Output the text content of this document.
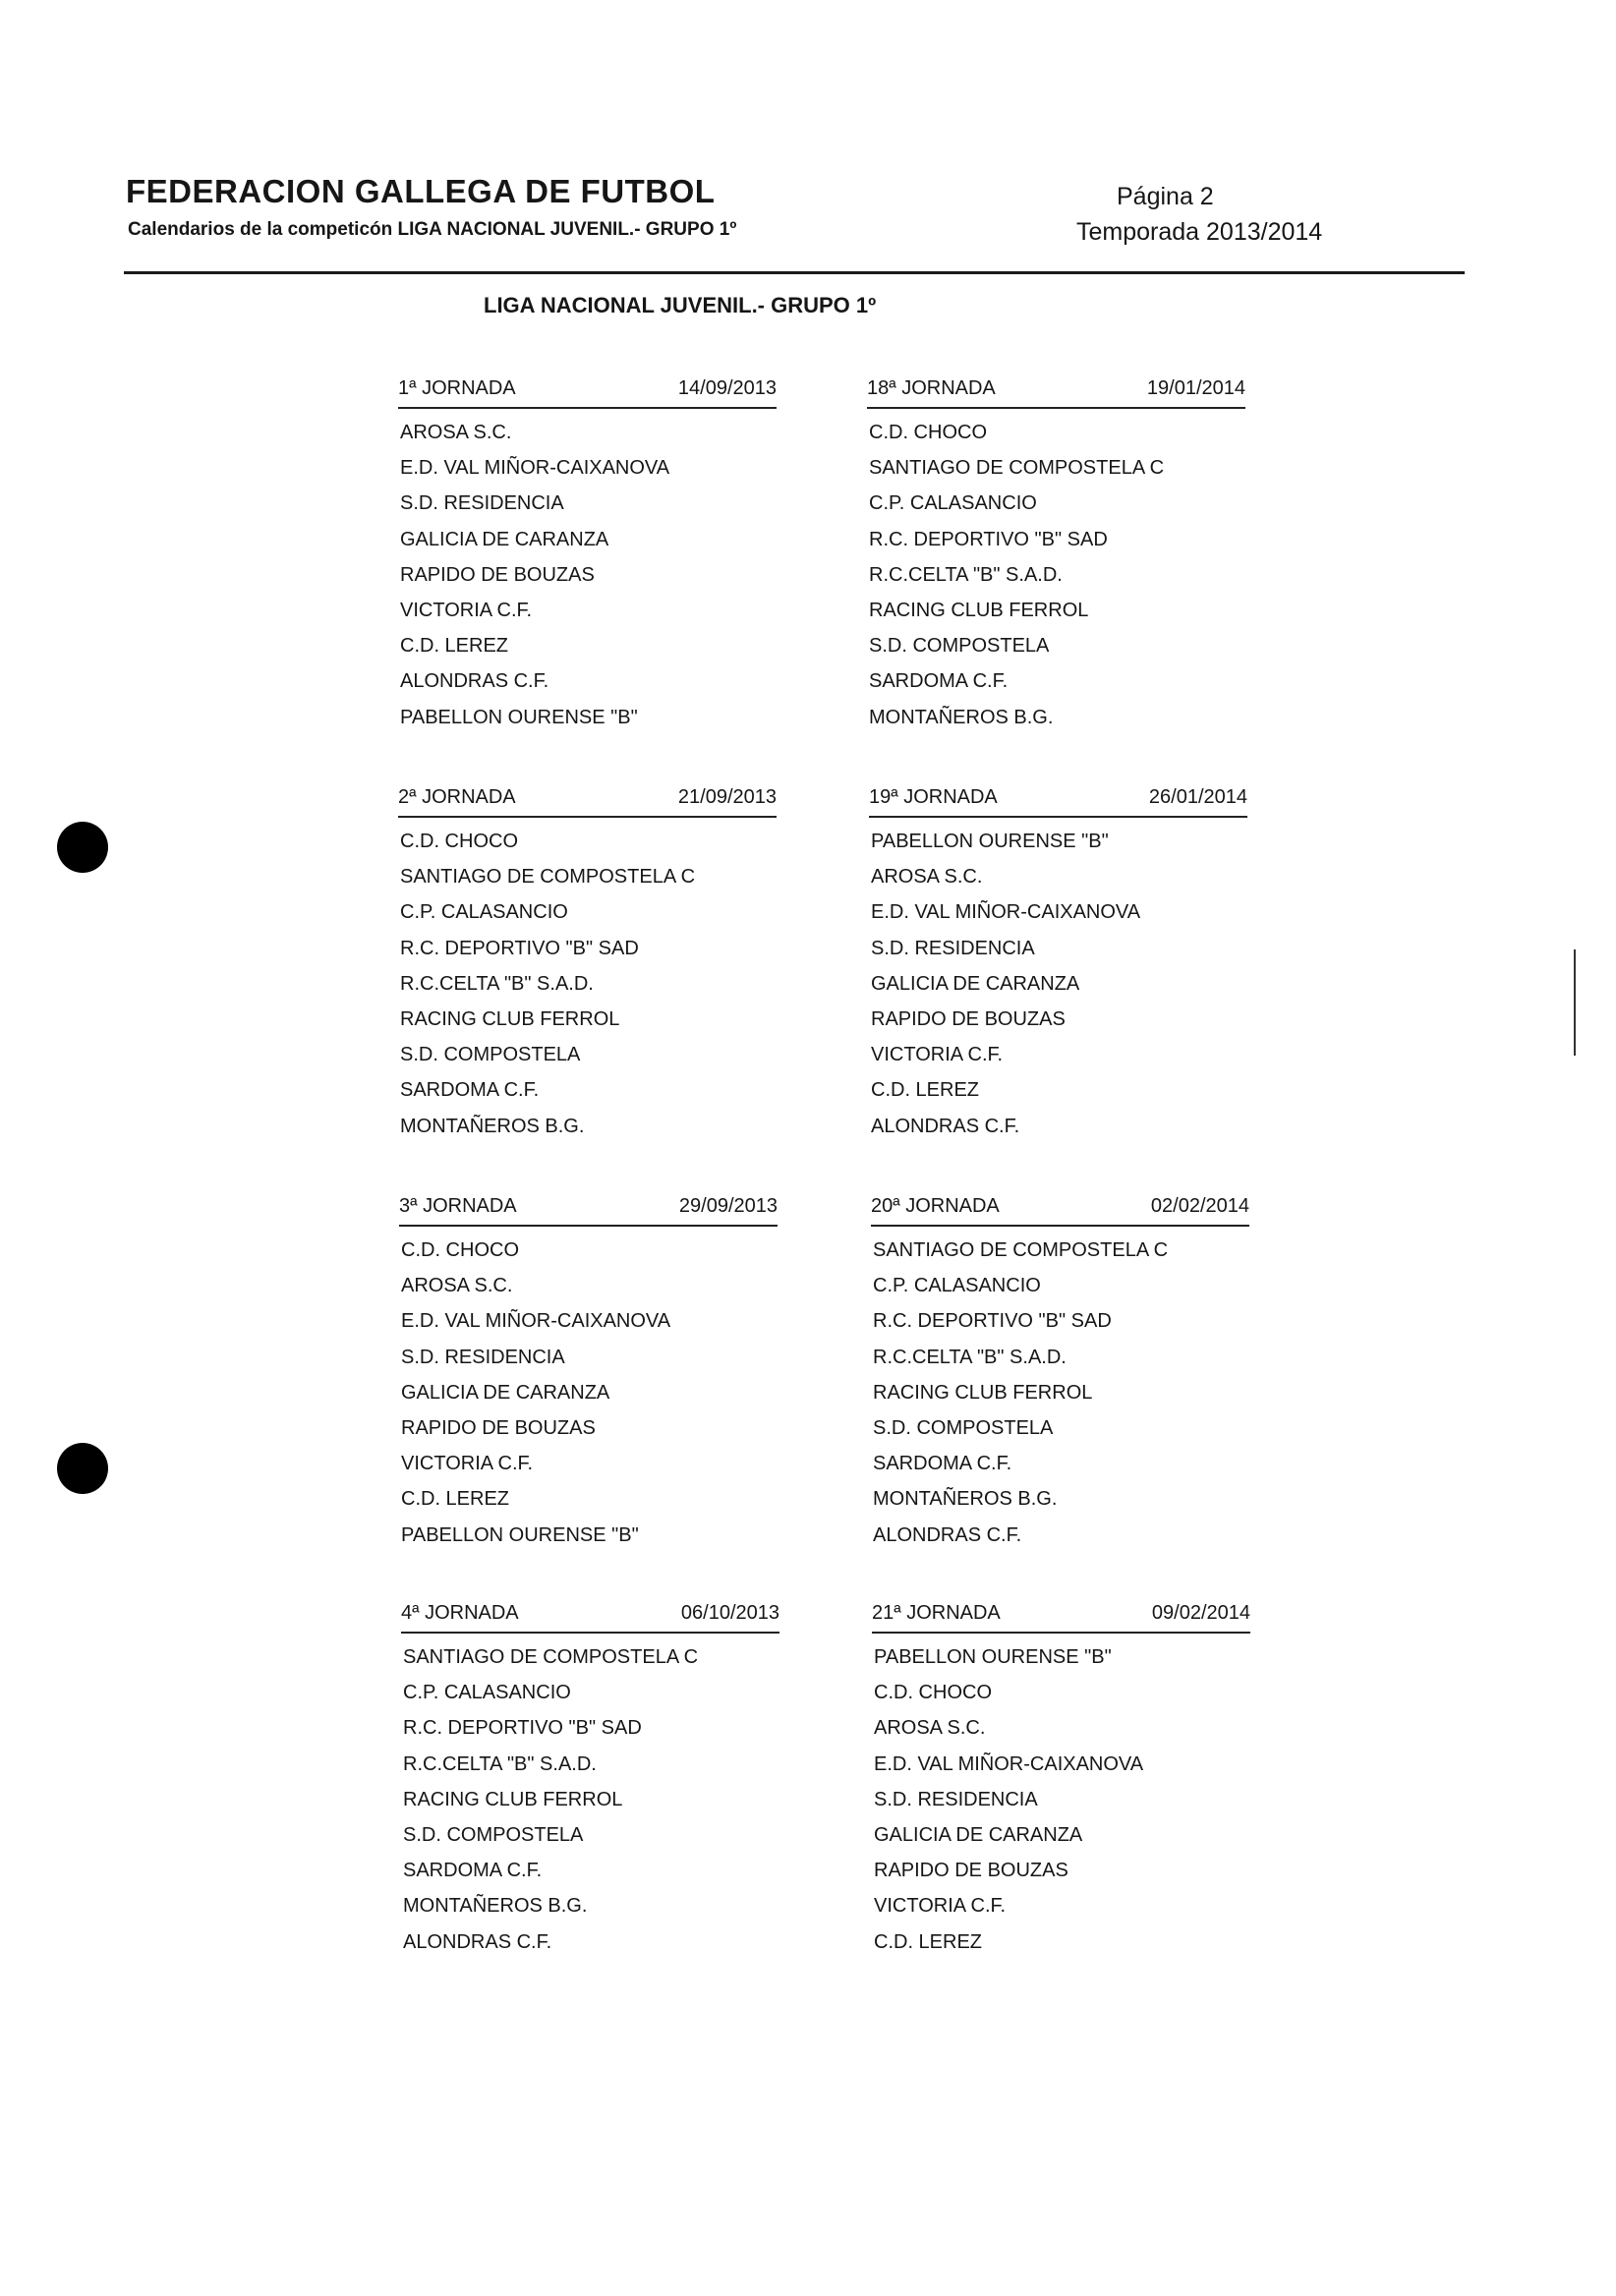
FEDERACION GALLEGA DE FUTBOL
Calendarios de la competicón LIGA NACIONAL JUVENIL.- GRUPO 1º
Página 2
Temporada 2013/2014
LIGA NACIONAL JUVENIL.- GRUPO 1º
1ª JORNADA	14/09/2013
AROSA S.C.
E.D. VAL MIÑOR-CAIXANOVA
S.D. RESIDENCIA
GALICIA DE CARANZA
RAPIDO DE BOUZAS
VICTORIA C.F.
C.D. LEREZ
ALONDRAS C.F.
PABELLON OURENSE "B"
18ª JORNADA	19/01/2014
C.D. CHOCO
SANTIAGO DE COMPOSTELA C
C.P. CALASANCIO
R.C. DEPORTIVO "B" SAD
R.C.CELTA "B" S.A.D.
RACING CLUB FERROL
S.D. COMPOSTELA
SARDOMA C.F.
MONTAÑEROS B.G.
2ª JORNADA	21/09/2013
C.D. CHOCO
SANTIAGO DE COMPOSTELA C
C.P. CALASANCIO
R.C. DEPORTIVO "B" SAD
R.C.CELTA "B" S.A.D.
RACING CLUB FERROL
S.D. COMPOSTELA
SARDOMA C.F.
MONTAÑEROS B.G.
19ª JORNADA	26/01/2014
PABELLON OURENSE "B"
AROSA S.C.
E.D. VAL MIÑOR-CAIXANOVA
S.D. RESIDENCIA
GALICIA DE CARANZA
RAPIDO DE BOUZAS
VICTORIA C.F.
C.D. LEREZ
ALONDRAS C.F.
3ª JORNADA	29/09/2013
C.D. CHOCO
AROSA S.C.
E.D. VAL MIÑOR-CAIXANOVA
S.D. RESIDENCIA
GALICIA DE CARANZA
RAPIDO DE BOUZAS
VICTORIA C.F.
C.D. LEREZ
PABELLON OURENSE "B"
20ª JORNADA	02/02/2014
SANTIAGO DE COMPOSTELA C
C.P. CALASANCIO
R.C. DEPORTIVO "B" SAD
R.C.CELTA "B" S.A.D.
RACING CLUB FERROL
S.D. COMPOSTELA
SARDOMA C.F.
MONTAÑEROS B.G.
ALONDRAS C.F.
4ª JORNADA	06/10/2013
SANTIAGO DE COMPOSTELA C
C.P. CALASANCIO
R.C. DEPORTIVO "B" SAD
R.C.CELTA "B" S.A.D.
RACING CLUB FERROL
S.D. COMPOSTELA
SARDOMA C.F.
MONTAÑEROS B.G.
ALONDRAS C.F.
21ª JORNADA	09/02/2014
PABELLON OURENSE "B"
C.D. CHOCO
AROSA S.C.
E.D. VAL MIÑOR-CAIXANOVA
S.D. RESIDENCIA
GALICIA DE CARANZA
RAPIDO DE BOUZAS
VICTORIA C.F.
C.D. LEREZ
